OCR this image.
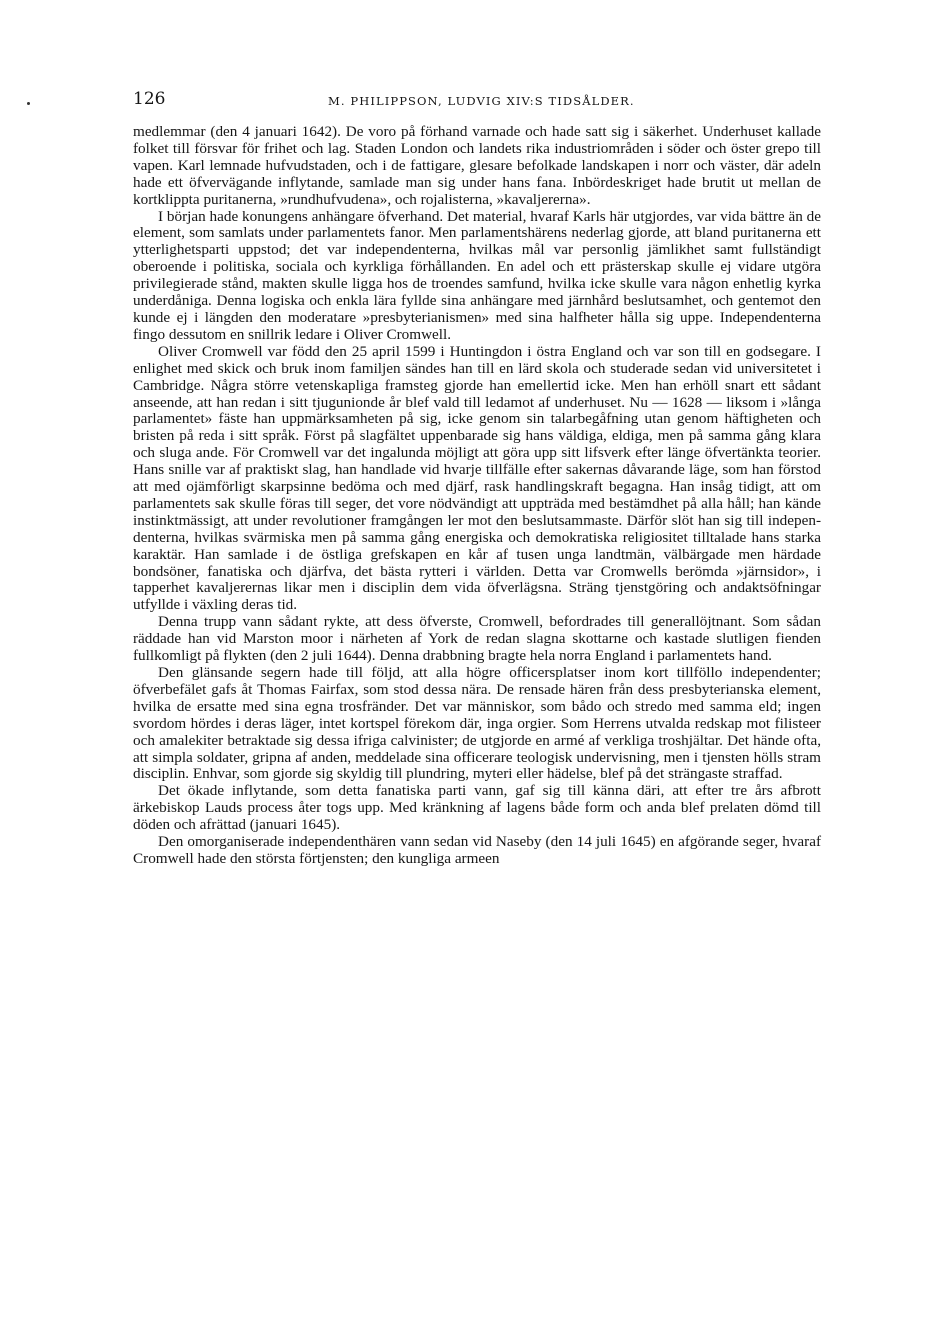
126	M. PHILIPPSON, LUDVIG XIV:S TIDSÅLDER.

medlemmar (den 4 januari 1642). De voro på förhand varnade och hade satt sig i säkerhet. Underhuset kallade folket till försvar för frihet och lag. Staden London och landets rika industriområden i söder och öster grepo till vapen. Karl lemnade hufvudstaden, och i de fattigare, glesare befolkade landskapen i norr och väster, där adeln hade ett öfvervägande inflytande, samlade man sig under hans fana. Inbördeskriget hade brutit ut mellan de kortklippta puritanerna, »rundhufvudena», och rojalisterna, »kavaljererna».

I början hade konungens anhängare öfverhand. Det material, hvaraf Karls här utgjordes, var vida bättre än de element, som samlats under parlamentets fanor. Men parlamentshärens nederlag gjorde, att bland puritanerna ett ytterlighetsparti uppstod; det var independenterna, hvilkas mål var personlig jämlikhet samt fullständigt oberoende i politiska, sociala och kyrkliga förhållanden. En adel och ett prästerskap skulle ej vidare utgöra privilegierade stånd, makten skulle ligga hos de troendes samfund, hvilka icke skulle vara någon enhetlig kyrka underdåniga. Denna logiska och enkla lära fyllde sina anhängare med järnhård beslutsamhet, och gentemot den kunde ej i längden den moderatare »presbyterianismen» med sina halfheter hålla sig uppe. Independenterna fingo dessutom en snillrik ledare i Oliver Cromwell.

Oliver Cromwell var född den 25 april 1599 i Huntingdon i östra England och var son till en godsegare. I enlighet med skick och bruk inom familjen sändes han till en lärd skola och studerade sedan vid universitetet i Cambridge. Några större vetenskapliga framsteg gjorde han emellertid icke. Men han erhöll snart ett sådant anseende, att han redan i sitt tjugunionde år blef vald till ledamot af underhuset. Nu — 1628 — liksom i »långa parlamentet» fäste han uppmärksamheten på sig, icke genom sin talarbegåfning utan genom häftigheten och bristen på reda i sitt språk. Först på slagfältet uppenbarade sig hans väldiga, eldiga, men på samma gång klara och sluga ande. För Cromwell var det ingalunda möjligt att göra upp sitt lifsverk efter länge öfvertänkta teorier. Hans snille var af praktiskt slag, han handlade vid hvarje tillfälle efter sakernas dåvarande läge, som han förstod att med ojämförligt skarpsinne bedöma och med djärf, rask handlingskraft begagna. Han insåg tidigt, att om parlamentets sak skulle föras till seger, det vore nödvändigt att uppträda med bestämdhet på alla håll; han kände instinktmässigt, att under revolutioner framgången ler mot den beslutsammaste. Därför slöt han sig till independenterna, hvilkas svärmiska men på samma gång energiska och demokratiska religiositet tilltalade hans starka karaktär. Han samlade i de östliga grefskapen en kår af tusen unga landtmän, välbärgade men härdade bondsöner, fanatiska och djärfva, det bästa rytteri i världen. Detta var Cromwells berömda »järnsidor», i tapperhet kavaljerernas likar men i disciplin dem vida öfverlägsna. Sträng tjenstgöring och andaktsöfningar utfyllde i växling deras tid.

Denna trupp vann sådant rykte, att dess öfverste, Cromwell, befordrades till generallöjtnant. Som sådan räddade han vid Marston moor i närheten af York de redan slagna skottarne och kastade slutligen fienden fullkomligt på flykten (den 2 juli 1644). Denna drabbning bragte hela norra England i parlamentets hand.

Den glänsande segern hade till följd, att alla högre officersplatser inom kort tillföllo independenter; öfverbefälet gafs åt Thomas Fairfax, som stod dessa nära. De rensade hären från dess presbyterianska element, hvilka de ersatte med sina egna trosfränder. Det var människor, som bådo och stredo med samma eld; ingen svordom hördes i deras läger, intet kortspel förekom där, inga orgier. Som Herrens utvalda redskap mot filisteer och amalekiter betraktade sig dessa ifriga calvinister; de utgjorde en armé af verkliga troshjältar. Det hände ofta, att simpla soldater, gripna af anden, meddelade sina officerare teologisk undervisning, men i tjensten hölls stram disciplin. Enhvar, som gjorde sig skyldig till plundring, myteri eller hädelse, blef på det strängaste straffad.

Det ökade inflytande, som detta fanatiska parti vann, gaf sig till känna däri, att efter tre års afbrott ärkebiskop Lauds process åter togs upp. Med kränkning af lagens både form och anda blef prelaten dömd till döden och afrättad (januari 1645).

Den omorganiserade independenthären vann sedan vid Naseby (den 14 juli 1645) en afgörande seger, hvaraf Cromwell hade den största förtjensten; den kungliga armeen
